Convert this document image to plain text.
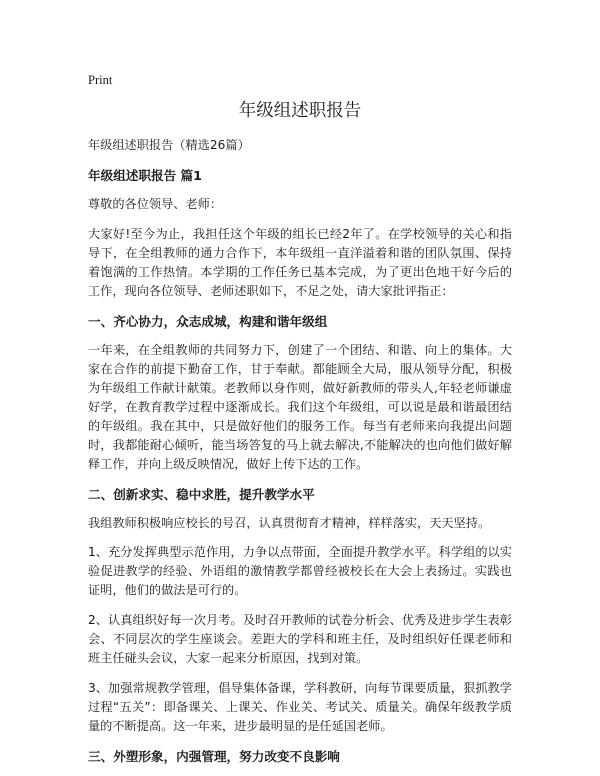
Print
年级组述职报告

年级组述职报告（精选26篇）

年级组述职报告 篇1

尊敬的各位领导、老师：

大家好!至今为止，我担任这个年级的组长已经2年了。在学校领导的关心和指导下，在全组教师的通力合作下，本年级组一直洋溢着和谐的团队氛围、保持着饱满的工作热情。本学期的工作任务已基本完成，为了更出色地干好今后的工作，现向各位领导、老师述职如下，不足之处，请大家批评指正：

一、齐心协力，众志成城，构建和谐年级组

一年来，在全组教师的共同努力下，创建了一个团结、和谐、向上的集体。大家在合作的前提下勤奋工作，甘于奉献。都能顾全大局，服从领导分配，积极为年级组工作献计献策。老教师以身作则，做好新教师的带头人,年轻老师谦虚好学，在教育教学过程中逐渐成长。我们这个年级组，可以说是最和谐最团结的年级组。我在其中，只是做好他们的服务工作。每当有老师来向我提出问题时，我都能耐心倾听，能当场答复的马上就去解决,不能解决的也向他们做好解释工作，并向上级反映情况，做好上传下达的工作。

二、创新求实、稳中求胜，提升教学水平

我组教师积极响应校长的号召，认真贯彻育才精神，样样落实，天天坚持。

1、充分发挥典型示范作用，力争以点带面，全面提升教学水平。科学组的以实验促进教学的经验、外语组的激情教学都曾经被校长在大会上表扬过。实践也证明，他们的做法是可行的。

2、认真组织好每一次月考。及时召开教师的试卷分析会、优秀及进步学生表彰会、不同层次的学生座谈会。差距大的学科和班主任，及时组织好任课老师和班主任碰头会议，大家一起来分析原因，找到对策。

3、加强常规教学管理，倡导集体备课，学科教研，向每节课要质量，狠抓教学过程“五关”：即备课关、上课关、作业关、考试关、质量关。确保年级教学质量的不断提高。这一年来，进步最明显的是任延国老师。

三、外塑形象，内强管理，努力改变不良影响
